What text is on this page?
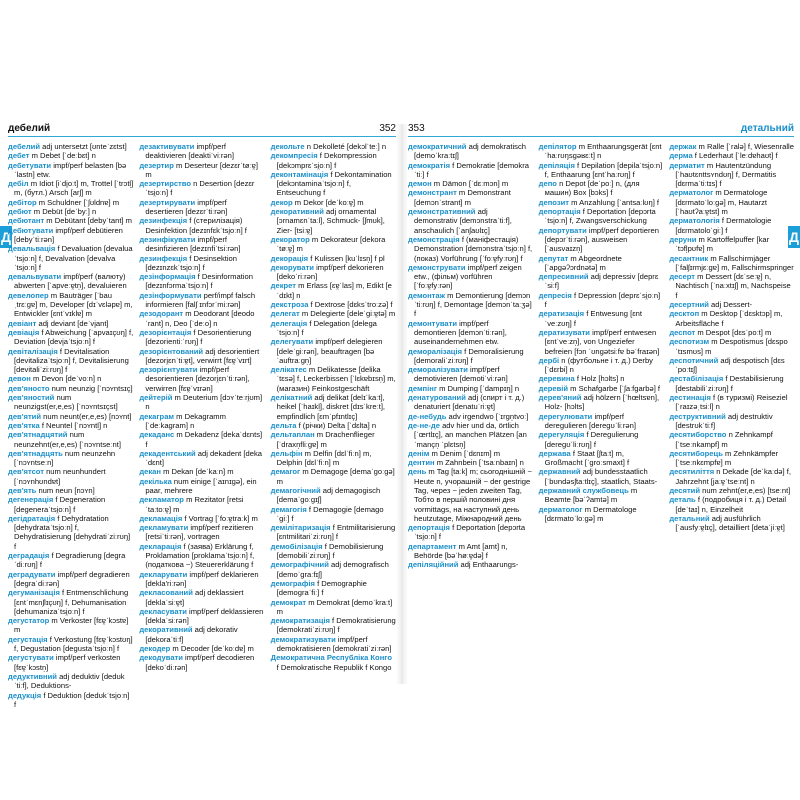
Д	Д
дебелий	352

дебелий adj untersetzt [ʊnteˈzɛtst]

дебет m Debet [ˈdeːbɛt] n

дебетувати impf/perf belasten [bəˈlastn] etw.

дебіл m Idiot [iˈdi̯oːt] m, Trottel [ˈtrɔtl̩] m, (бутл.) Arsch [arʃ] m

дебітор m Schuldner [ˈʃʊldnɐ] m

дебют m Debüt [deˈbyː] n

дебютант m Debütant [debyˈtant] m

дебютувати impf/perf debütieren [debyˈtiːrən]

девальвація f Devaluation [devaluaˈtsi̯oːn] f, Devalvation [devalvaˈtsi̯oːn] f

девальвувати impf/perf (валюту) abwerten [ˈapveːɐ̯tn̩], devaluieren

девелопер m Bauträger [ˈbauˌtrɛːgɐ] m, Developer [dɪˈvɛləpɐ] m, Entwickler [ɛntˈvɪklɐ] m

девіант adj deviant [deˈvi̯ant]

девіація f Abweichung [ˈapvaɪçʊŋ] f, Deviation [devi̯aˈtsi̯oːn] f

девіталізація f Devitalisation [devitalizaˈtsi̯oːn] f, Devitalisierung [devitaliˈziːrʊŋ] f

девон m Devon [deˈvoːn] n

дев'яносто num neunzig [ˈnɔʏntsɪç]

дев'яностий num neunzigst(er,e,es) [ˈnɔʏntsɪçst]

дев'ятий num neunt(er,e,es) [nɔʏnt]

дев'ятка f Neuntel [ˈnɔʏntl̩] n

дев'ятнадцятий num neunzehnt(er,e,es) [ˈnɔʏntseːnt]

дев'ятнадцять num neunzehn [ˈnɔʏntseːn]

дев'ятсот num neunhundert [ˈnɔʏnhʊndɐt]

дев'ять num neun [nɔʏn]

дегенерація f Degeneration [degeneraˈtsi̯oːn] f

дегідратація f Dehydratation [dehydrataˈtsi̯oːn] f, Dehydratisierung [dehydratiˈziːrʊŋ] f

деградація f Degradierung [degraˈdiːrʊŋ] f

деградувати impf/perf degradieren [degraˈdiːrən]

дегуманізація f Entmenschlichung [ɛntˈmɛnʃlɪçʊŋ] f, Dehumanisation [dehumanizaˈtsi̯oːn] f

дегустатор m Verkoster [fɛɐ̯ˈkɔstɐ] m

дегустація f Verkostung [fɛɐ̯ˈkɔstʊŋ] f, Degustation [degustaˈtsi̯oːn] f

дегустувати impf/perf verkosten [fɛɐ̯ˈkɔstn̩]

дедуктивний adj deduktiv [dedʊkˈtiːf], Deduktions-

дедукція f Deduktion [dedʊkˈtsi̯oːn] f

дезактивувати impf/perf deaktivieren [deaktiˈviːrən]

дезертир m Deserteur [dezɛrˈtøːɐ̯] m

дезертирство n Desertion [dezɛrˈtsi̯oːn] f

дезертирувати impf/perf desertieren [dezɛrˈtiːrən]

дезинфекція f (стерилізація) Desinfektion [dezɪnfɛkˈtsi̯oːn] f

дезинфікувати impf/perf desinfizieren [dezɪnfiˈtsiːrən]

дезинфекція f Desinsektion [dezɪnzɛkˈtsi̯oːn] f

дезінформація f Desinformation [dezɪnfɔrmaˈtsi̯oːn] f

дезінформувати perf/impf falsch informieren [falʃ ɪnfɔrˈmiːrən]

дезодорант m Deodorant [deodoˈrant] n, Deo [ˈdeːo] n

дезорієнтація f Desorientierung [dezorientiːˈrʊŋ] f

дезорієнтований adj desorientiert [dezori̯ɛnˈtiːɐ̯t], verwirrt [fɛɐ̯ˈvɪrt]

дезорієнтувати impf/perf desorientieren [dezori̯ɛnˈtiːrən], verwirren [fɛɐ̯ˈvɪrən]

дейтерій m Deuterium [dɔʏˈteːri̯ʊm] n

декаграм m Dekagramm [ˈdeːkagram] n

декаданс m Dekadenz [dekaˈdɛnts] f

декадентський adj dekadent [dekaˈdɛnt]

декан m Dekan [deˈkaːn] m

декілька num einige [ˈaɪnɪgə], ein paar, mehrere

декламатор m Rezitator [retsiˈtaːtoːɐ̯] m

декламація f Vortrag [ˈfoːɐ̯traːk] m

декламувати impf/perf rezitieren [retsiˈtiːrən], vortragen

декларація f (заява) Erklärung f, Proklamation [proklamaˈtsi̯oːn] f, (податкова ~) Steuererklärung f

декларувати impf/perf deklarieren [dekla'riːrən]

декласований adj deklassiert [deklaˈsiːɐ̯t]

декласувати impf/perf deklassieren [deklaˈsiːrən]

декоративний adj dekorativ [dekoraˈtiːf]

декодер m Decoder [deˈkoːdɐ] m

декодувати impf/perf decodieren [dekoˈdiːrən]

декольте n Dekolleté [dekɔlˈteː] n

декомпресія f Dekompression [dekɔmprɛˈsi̯oːn] f

деконтамінація f Dekontamination [dekɔntaminaˈtsi̯oːn] f, Entseuchung f

декор m Dekor [deˈkoːɐ̯] m

декоративний adj ornamental [ɔrnamɛnˈtaːl], Schmuck- [ʃmʊk], Zier- [tsiːɐ̯]

декоратор m Dekorateur [dekoraˈtøːɐ̯] m

декорація f Kulissen [kuˈlɪsn̩] f pl

декорувати impf/perf dekorieren [dekoˈriːrən]

декрет m Erlass [ɛɐ̯ˈlas] m, Edikt [eˈdɪkt] n

декстроза f Dextrose [dɛksˈtroːzə] f

делегат m Delegierte [deleˈgiːɐ̯tə] m

делегація f Delegation [delegaˈtsi̯oːn] f

делегувати impf/perf delegieren [deleˈgiːrən], beauftragen [bəˈauftraːgn̩]

делікатес m Delikatesse [delikaˈtɛsə] f, Leckerbissen [ˈlɛkɐbɪsn̩] m, (магазин) Feinkostgeschäft

делікатний adj delikat [delɪˈkaːt], heikel [ˈhaɪkl̩], diskret [dɪsˈkreːt], empfindlich [ɛmˈpfɪntlɪç]

дельта f (річки) Delta [ˈdɛlta] n

дельтаплан m Drachenflieger [ˈdraxn̩fliːgɐ] m

дельфін m Delfin [dɛlˈfiːn] m, Delphin [dɛlˈfiːn] m

демагог m Demagoge [demaˈgoːgə] m

демагогічний adj demagogisch [demaˈgoːgɪʃ]

демагогія f Demagogie [demagoˈgiː] f

демілітаризація f Entmilitarisierung [ɛntmilitariˈziːrʊŋ] f

демобілізація f Demobilisierung [demobiliˈziːrʊŋ] f

демографічний adj demografisch [demoˈgraːfɪʃ]

демографія f Demographie [demograˈfiː] f

демократ m Demokrat [demoˈkraːt] m

демократизація f Demokratisierung [demokratiˈziːrʊŋ] f

демократизувати impf/perf demokratisieren [demokratiˈziːrən]

Демократична Республіка Конго f Demokratische Republik f Kongo

353	детальний

демократичний adj demokratisch [demoˈkraːtɪʃ]

демократія f Demokratie [demokraˈtiː] f

демон m Dämon [ˈdɛːmɔn] m

демонстрант m Demonstrant [demɔnˈstrant] m

демонстративний adj demonstrativ [demɔnstraˈtiːf], anschaulich [ˈanʃaʊlɪç]

демонстрація f (маніфестація) Demonstration [demɔnstraˈtsi̯oːn] f, (показ) Vorführung [ˈfoːɐ̯fyːrʊŋ] f

демонструвати impf/perf zeigen etw., (фільм) vorführen [ˈfoːɐ̯fyːrən]

демонтаж m Demontierung [demɔnˈtiːrʊŋ] f, Demontage [demɔnˈtaːʒə] f

демонтувати impf/perf demontieren [demɔnˈtiːrən], auseinandernehmen etw.

деморалізація f Demoralisierung [demoraliˈziːrʊŋ] f

деморалізувати impf/perf demotivieren [demotiˈviːrən]

демпінг m Dumping [ˈdampɪŋ] n

денатурований adj (спирт і т. д.) denaturiert [denatuˈriːɐ̯t]

де-небудь adv irgendwo [ˈɪrgn̩tvoː]

де-не-де adv hier und da, örtlich [ˈœrtlɪç], an manchen Plätzen [an ˈmançn̩ ˈplɛtsn̩]

денім m Denim [ˈdɛnɪm] m

дентин m Zahnbein [ˈtsaːnbaɪn] n

день m Tag [taːk] m; сьогоднішній ~ Heute n, учорашній ~ der gestrige Tag, через ~ jeden zweiten Tag, Тобто в першій половині дня vormittags, на наступний день heutzutage, Міжнародний день

депортація f Deportation [depɔrtaˈtsi̯oːn] f

департамент m Amt [amt] n, Behörde [bəˈhøːɐ̯də] f

депіляційний adj Enthaarungs-

депілятор m Enthaarungsgerät [ɛntˈhaːrʊŋsgəʁɛːt] n

депіляція f Depilation [depilaˈtsi̯oːn] f, Enthaarung [ɛntˈhaːrʊŋ] f

депо n Depot [deˈpoː] n, (для машин) Box [bɔks] f

депозит m Anzahlung [ˈantsaːlʊŋ] f

депортація f Deportation [depɔrtaˈtsi̯oːn] f, Zwangsverschickung

депортувати impf/perf deportieren [depɔrˈtiːrən], ausweisen [ˈausvaɪzn̩]

депутат m Abgeordnete [ˈapgəʔɔrdnətə] m

депресивний adj depressiv [deprɛˈsiːf]

депресія f Depression [deprɛˈsi̯oːn] f

дератизація f Entwesung [ɛntˈveːzʊŋ] f

дератизувати impf/perf entwesen [ɛntˈveːzn̩], von Ungeziefer befreien [fɔn ˈʊngətsiːfɐ bəˈfraɪən]

дербі n (футбольне і т. д.) Derby [ˈdɛrbi] n

деревина f Holz [hɔlts] n

деревій m Schafgarbe [ˈʃaːfgarbə] f

дерев'яний adj hölzern [ˈhœltsɐn], Holz- [hɔlts]

дерегулювати impf/perf deregulieren [deregʊˈliːrən]

дерегуляція f Deregulierung [deregʊˈliːrʊŋ] f

держава f Staat [ʃtaːt] m, Großmacht [ˈgroːsmaxt] f

державний adj bundesstaatlich [ˈbʊndəsʃtaːtlɪç], staatlich, Staats-

державний службовець m Beamte [bəˈʔamtə] m

дерматолог m Dermatologe [dɛrmatoˈloːgə] m

держак m Ralle [ˈralə] f, Wiesenralle

дерма f Lederhaut [ˈleːdɐhaʊt] f

дерматит m Hautentzündung [ˈhaʊtɛnttsʏndʊŋ] f, Dermatitis [dɛrmaˈtiːtɪs] f

дерматолог m Dermatologe [dɛrmatoˈloːgə] m, Hautarzt [ˈhaʊtʔaːɐ̯tst] m

дерматологія f Dermatologie [dɛrmatoloˈgiː] f

деруни m Kartoffelpuffer [karˈtɔfl̩pʊfɐ] m

десантник m Fallschirmjäger [ˈfalʃɪrmjɛːgɐ] m, Fallschirmspringer

десерт m Dessert [dɛˈseːɐ̯] n, Nachtisch [ˈnaːxtɪʃ] m, Nachspeise f

десертний adj Dessert-

десктоп m Desktop [ˈdɛsktɔp] m, Arbeitsfläche f

деспот m Despot [dɛsˈpoːt] m

деспотизм m Despotismus [dɛspoˈtɪsmʊs] m

деспотичний adj despotisch [dɛsˈpoːtɪʃ]

дестабілізація f Destabilisierung [destabiliˈziːrʊŋ] f

дестинація f (в туризмі) Reiseziel [ˈraɪzəˌtsiːl] n

деструктивний adj destruktiv [destrʊkˈtiːf]

десятиборство n Zehnkampf [ˈtseːnkampf] m

десятиборець m Zehnkämpfer [ˈtseːnkɛmpfɐ] m

десятиліття n Dekade [deˈkaːdə] f, Jahrzehnt [jaːɐ̯ˈtseːnt] n

десятий num zehnt(er,e,es) [tseːnt]

деталь f (подробиця і т. д.) Detail [deˈtaɪ] n, Einzelheit

детальний adj ausführlich [ˈausfyːɐ̯lɪç], detailliert [detaˈjiːɐ̯t]
